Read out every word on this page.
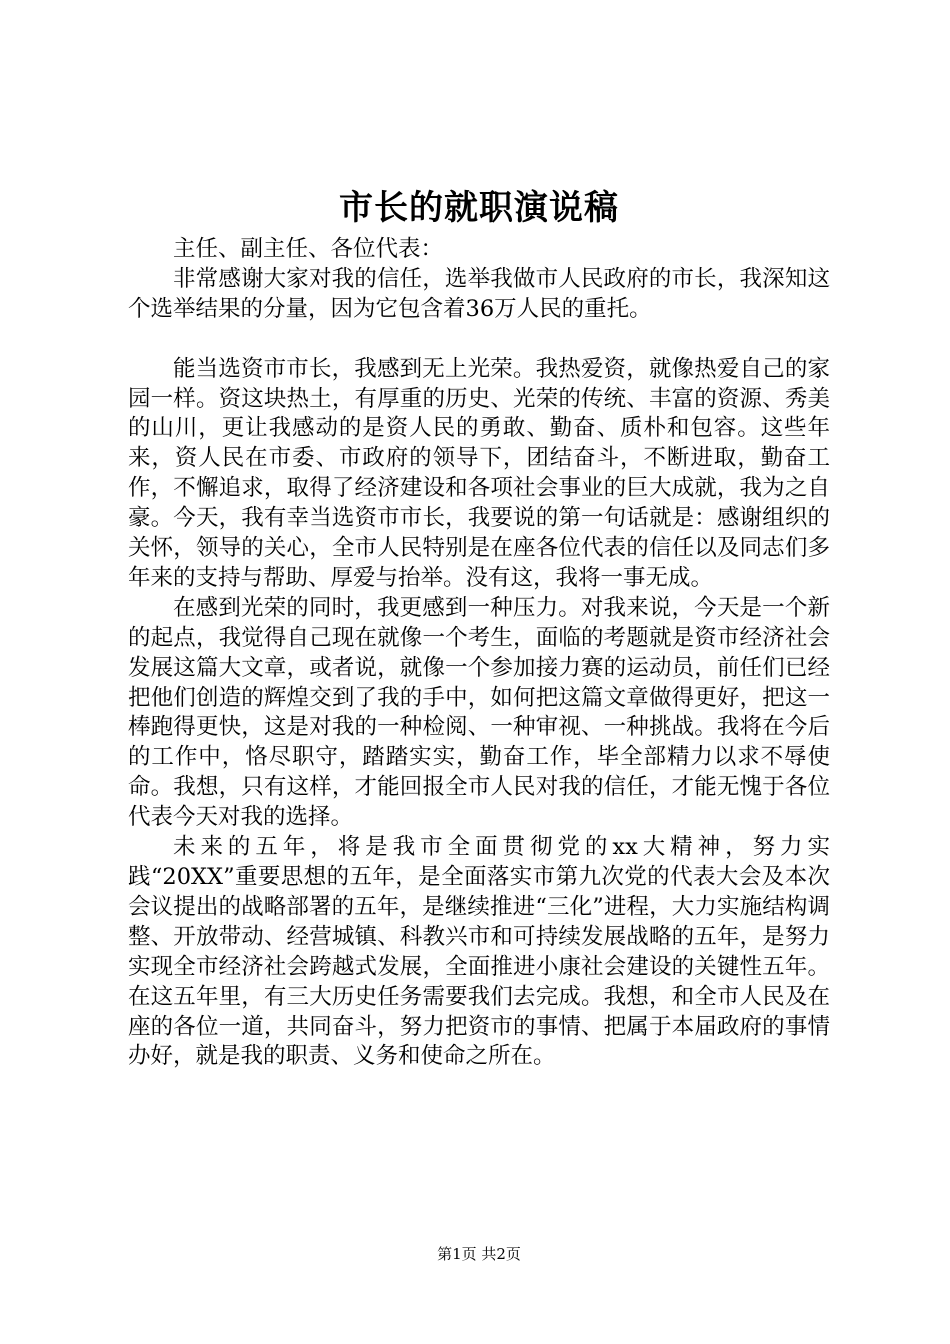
市长的就职演说稿

主任、副主任、各位代表：

非常感谢大家对我的信任，选举我做市人民政府的市长，我深知这个选举结果的分量，因为它包含着36万人民的重托。

能当选资市市长，我感到无上光荣。我热爱资，就像热爱自己的家园一样。资这块热土，有厚重的历史、光荣的传统、丰富的资源、秀美的山川，更让我感动的是资人民的勇敢、勤奋、质朴和包容。这些年来，资人民在市委、市政府的领导下，团结奋斗，不断进取，勤奋工作，不懈追求，取得了经济建设和各项社会事业的巨大成就，我为之自豪。今天，我有幸当选资市市长，我要说的第一句话就是：感谢组织的关怀，领导的关心，全市人民特别是在座各位代表的信任以及同志们多年来的支持与帮助、厚爱与抬举。没有这，我将一事无成。

在感到光荣的同时，我更感到一种压力。对我来说，今天是一个新的起点，我觉得自己现在就像一个考生，面临的考题就是资市经济社会发展这篇大文章，或者说，就像一个参加接力赛的运动员，前任们已经把他们创造的辉煌交到了我的手中，如何把这篇文章做得更好，把这一棒跑得更快，这是对我的一种检阅、一种审视、一种挑战。我将在今后的工作中，恪尽职守，踏踏实实，勤奋工作，毕全部精力以求不辱使命。我想，只有这样，才能回报全市人民对我的信任，才能无愧于各位代表今天对我的选择。

未来的五年，将是我市全面贯彻党的xx大精神，努力实践“20XX”重要思想的五年，是全面落实市第九次党的代表大会及本次会议提出的战略部署的五年，是继续推进“三化”进程，大力实施结构调整、开放带动、经营城镇、科教兴市和可持续发展战略的五年，是努力实现全市经济社会跨越式发展，全面推进小康社会建设的关键性五年。在这五年里，有三大历史任务需要我们去完成。我想，和全市人民及在座的各位一道，共同奋斗，努力把资市的事情、把属于本届政府的事情办好，就是我的职责、义务和使命之所在。

第1页 共2页
